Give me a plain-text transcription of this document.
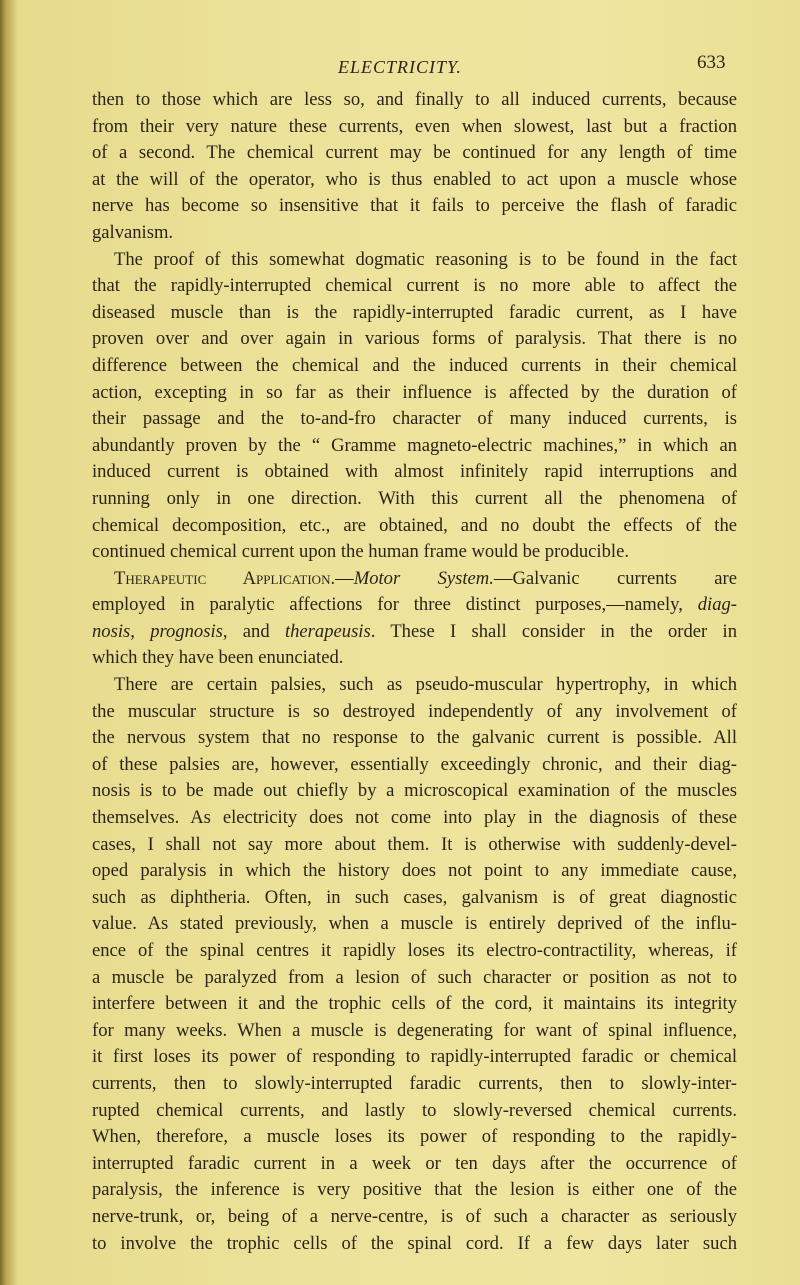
ELECTRICITY.	633
then to those which are less so, and finally to all induced currents, because
from their very nature these currents, even when slowest, last but a fraction
of a second. The chemical current may be continued for any length of time
at the will of the operator, who is thus enabled to act upon a muscle whose
nerve has become so insensitive that it fails to perceive the flash of faradic
galvanism.
The proof of this somewhat dogmatic reasoning is to be found in the fact
that the rapidly-interrupted chemical current is no more able to affect the
diseased muscle than is the rapidly-interrupted faradic current, as I have
proven over and over again in various forms of paralysis. That there is no
difference between the chemical and the induced currents in their chemical
action, excepting in so far as their influence is affected by the duration of
their passage and the to-and-fro character of many induced currents, is
abundantly proven by the “ Gramme magneto-electric machines,” in which an
induced current is obtained with almost infinitely rapid interruptions and
running only in one direction. With this current all the phenomena of
chemical decomposition, etc., are obtained, and no doubt the effects of the
continued chemical current upon the human frame would be producible.
Therapeutic Application.—Motor System.—Galvanic currents are
employed in paralytic affections for three distinct purposes,—namely, diag-
nosis, prognosis, and therapeusis. These I shall consider in the order in
which they have been enunciated.
There are certain palsies, such as pseudo-muscular hypertrophy, in which
the muscular structure is so destroyed independently of any involvement of
the nervous system that no response to the galvanic current is possible. All
of these palsies are, however, essentially exceedingly chronic, and their diag-
nosis is to be made out chiefly by a microscopical examination of the muscles
themselves. As electricity does not come into play in the diagnosis of these
cases, I shall not say more about them. It is otherwise with suddenly-devel-
oped paralysis in which the history does not point to any immediate cause,
such as diphtheria. Often, in such cases, galvanism is of great diagnostic
value. As stated previously, when a muscle is entirely deprived of the influ-
ence of the spinal centres it rapidly loses its electro-contractility, whereas, if
a muscle be paralyzed from a lesion of such character or position as not to
interfere between it and the trophic cells of the cord, it maintains its integrity
for many weeks. When a muscle is degenerating for want of spinal influence,
it first loses its power of responding to rapidly-interrupted faradic or chemical
currents, then to slowly-interrupted faradic currents, then to slowly-inter-
rupted chemical currents, and lastly to slowly-reversed chemical currents.
When, therefore, a muscle loses its power of responding to the rapidly-
interrupted faradic current in a week or ten days after the occurrence of
paralysis, the inference is very positive that the lesion is either one of the
nerve-trunk, or, being of a nerve-centre, is of such a character as seriously
to involve the trophic cells of the spinal cord. If a few days later such
